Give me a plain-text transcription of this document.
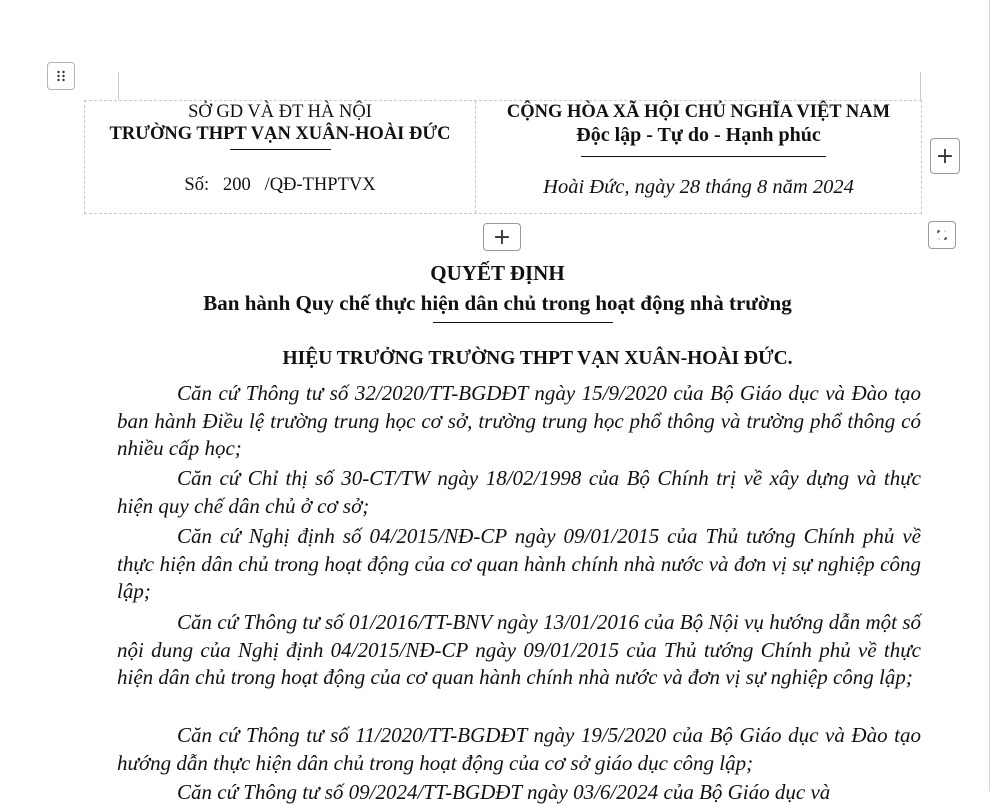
SỞ GD VÀ ĐT HÀ NỘI
TRƯỜNG THPT VẠN XUÂN-HOÀI ĐỨC
Số: 200 /QĐ-THPTVX
CỘNG HÒA XÃ HỘI CHỦ NGHĨA VIỆT NAM
Độc lập - Tự do - Hạnh phúc
Hoài Đức, ngày 28 tháng 8 năm 2024
+
+
QUYẾT ĐỊNH
Ban hành Quy chế thực hiện dân chủ trong hoạt động nhà trường
HIỆU TRƯỞNG TRƯỜNG THPT VẠN XUÂN-HOÀI ĐỨC.

Căn cứ Thông tư số 32/2020/TT-BGDĐT ngày 15/9/2020 của Bộ Giáo dục và Đào tạo ban hành Điều lệ trường trung học cơ sở, trường trung học phổ thông và trường phổ thông có nhiều cấp học;

Căn cứ Chỉ thị số 30-CT/TW ngày 18/02/1998 của Bộ Chính trị về xây dựng và thực hiện quy chế dân chủ ở cơ sở;

Căn cứ Nghị định số 04/2015/NĐ-CP ngày 09/01/2015 của Thủ tướng Chính phủ về thực hiện dân chủ trong hoạt động của cơ quan hành chính nhà nước và đơn vị sự nghiệp công lập;

Căn cứ Thông tư số 01/2016/TT-BNV ngày 13/01/2016 của Bộ Nội vụ hướng dẫn một số nội dung của Nghị định 04/2015/NĐ-CP ngày 09/01/2015 của Thủ tướng Chính phủ về thực hiện dân chủ trong hoạt động của cơ quan hành chính nhà nước và đơn vị sự nghiệp công lập;

Căn cứ Thông tư số 11/2020/TT-BGDĐT ngày 19/5/2020 của Bộ Giáo dục và Đào tạo hướng dẫn thực hiện dân chủ trong hoạt động của cơ sở giáo dục công lập;

Căn cứ Thông tư số 09/2024/TT-BGDĐT ngày 03/6/2024 của Bộ Giáo dục và
